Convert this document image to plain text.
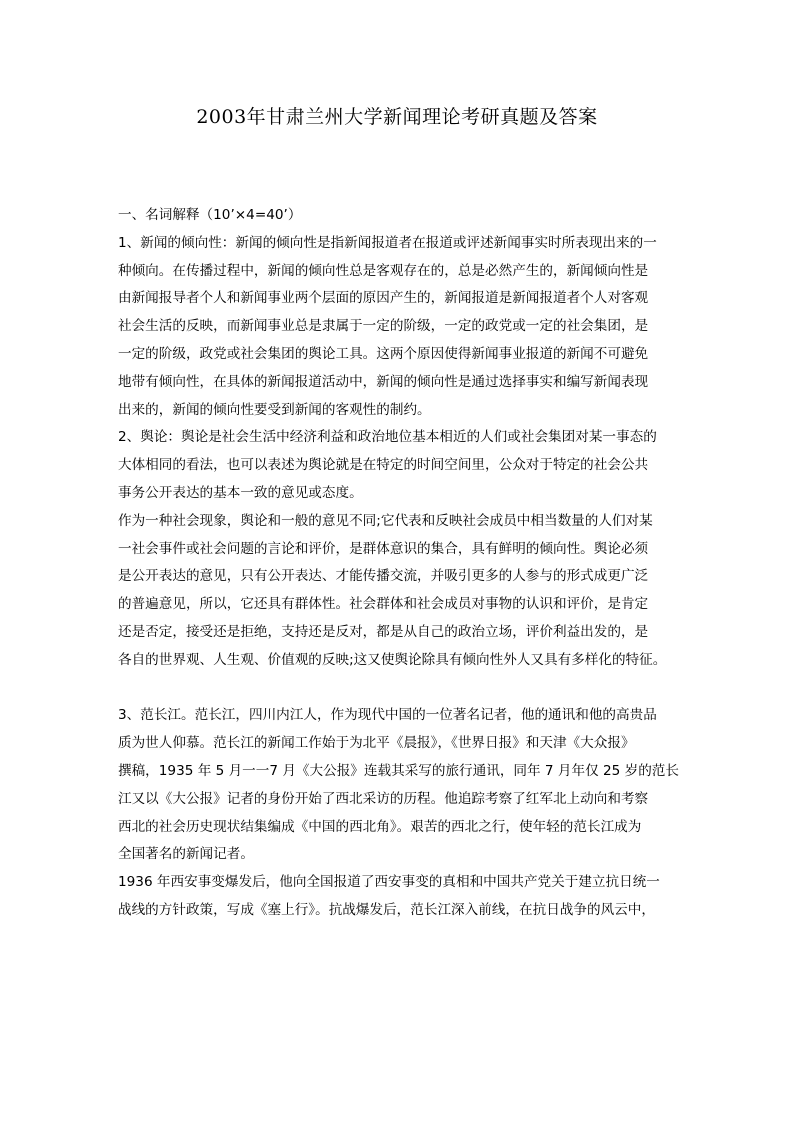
2003年甘肃兰州大学新闻理论考研真题及答案

一、名词解释（10’×4=40’）

1、新闻的倾向性：新闻的倾向性是指新闻报道者在报道或评述新闻事实时所表现出来的一

种倾向。在传播过程中，新闻的倾向性总是客观存在的，总是必然产生的，新闻倾向性是

由新闻报导者个人和新闻事业两个层面的原因产生的，新闻报道是新闻报道者个人对客观

社会生活的反映，而新闻事业总是隶属于一定的阶级，一定的政党或一定的社会集团，是

一定的阶级，政党或社会集团的舆论工具。这两个原因使得新闻事业报道的新闻不可避免

地带有倾向性，在具体的新闻报道活动中，新闻的倾向性是通过选择事实和编写新闻表现

出来的，新闻的倾向性要受到新闻的客观性的制约。

2、舆论：舆论是社会生活中经济利益和政治地位基本相近的人们或社会集团对某一事态的

大体相同的看法，也可以表述为舆论就是在特定的时间空间里，公众对于特定的社会公共

事务公开表达的基本一致的意见或态度。

作为一种社会现象，舆论和一般的意见不同;它代表和反映社会成员中相当数量的人们对某

一社会事件或社会问题的言论和评价，是群体意识的集合，具有鲜明的倾向性。舆论必须

是公开表达的意见，只有公开表达、才能传播交流，并吸引更多的人参与的形式成更广泛

的普遍意见，所以，它还具有群体性。社会群体和社会成员对事物的认识和评价，是肯定

还是否定，接受还是拒绝，支持还是反对，都是从自己的政治立场，评价利益出发的，是

各自的世界观、人生观、价值观的反映;这又使舆论除具有倾向性外人又具有多样化的特征。

3、范长江。范长江，四川内江人，作为现代中国的一位著名记者，他的通讯和他的高贵品

质为世人仰慕。范长江的新闻工作始于为北平《晨报》，《世界日报》和天津《大众报》

撰稿，1935 年 5 月一一7 月《大公报》连载其采写的旅行通讯，同年 7 月年仅 25 岁的范长

江又以《大公报》记者的身份开始了西北采访的历程。他追踪考察了红军北上动向和考察

西北的社会历史现状结集编成《中国的西北角》。艰苦的西北之行，使年轻的范长江成为

全国著名的新闻记者。

1936 年西安事变爆发后，他向全国报道了西安事变的真相和中国共产党关于建立抗日统一

战线的方针政策，写成《塞上行》。抗战爆发后，范长江深入前线，在抗日战争的风云中，
